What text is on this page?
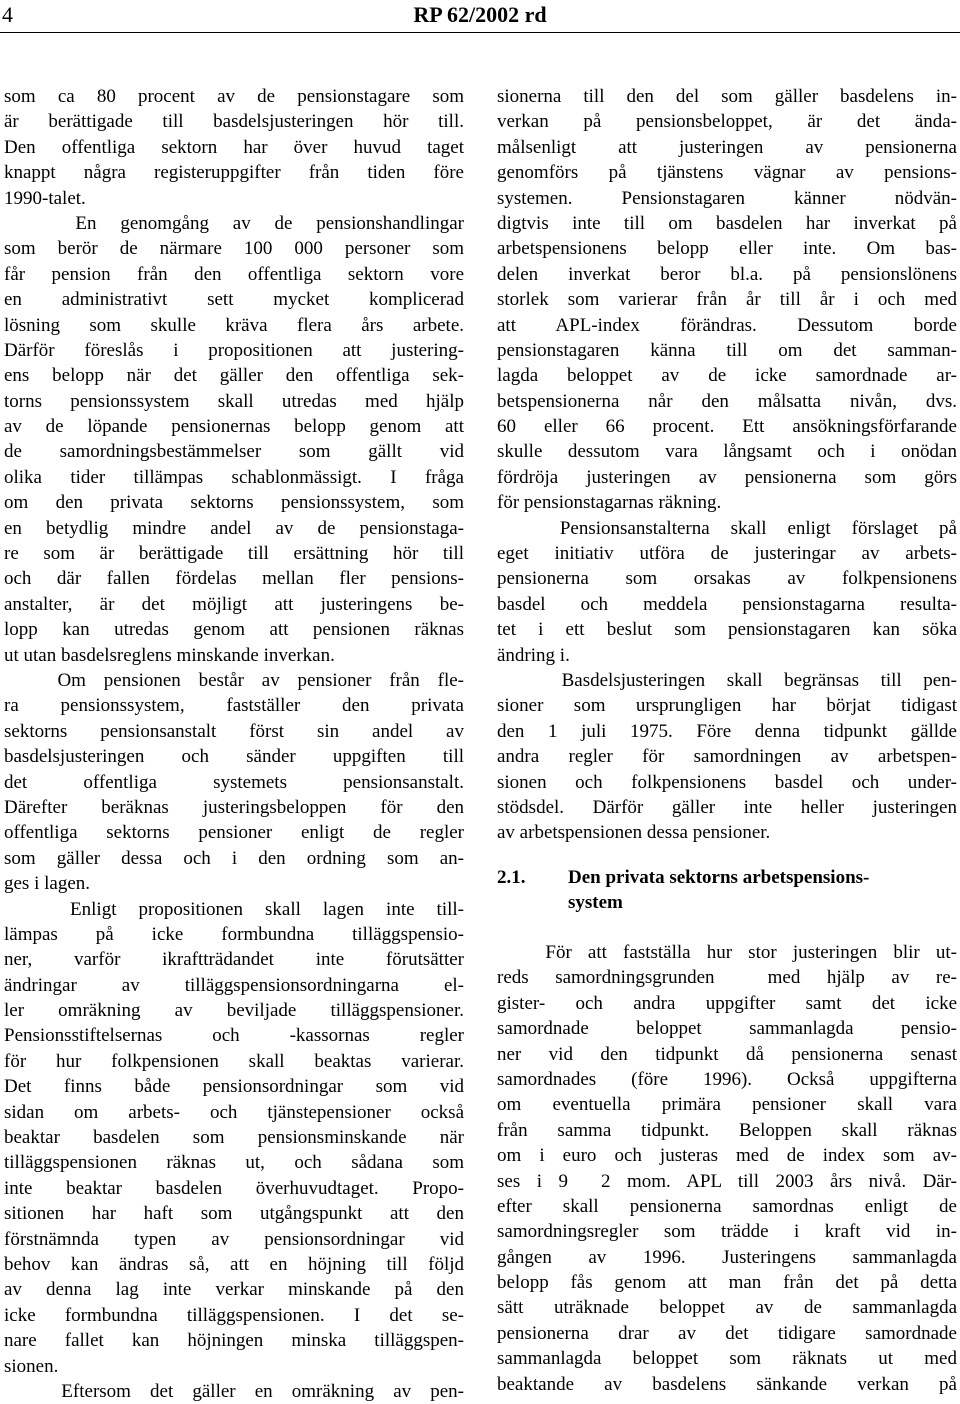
4	RP 62/2002 rd
som ca 80 procent av de pensionstagare som
är berättigade till basdelsjusteringen hör till.
Den offentliga sektorn har över huvud taget
knappt några registeruppgifter från tiden före
1990-talet.
En genomgång av de pensionshandlingar
som berör de närmare 100 000 personer som
får pension från den offentliga sektorn vore
en administrativt sett mycket komplicerad
lösning som skulle kräva flera års arbete.
Därför föreslås i propositionen att justering-
ens belopp när det gäller den offentliga sek-
torns pensionssystem skall utredas med hjälp
av de löpande pensionernas belopp genom att
de samordningsbestämmelser som gällt vid
olika tider tillämpas schablonmässigt. I fråga
om den privata sektorns pensionssystem, som
en betydlig mindre andel av de pensionstaga-
re som är berättigade till ersättning hör till
och där fallen fördelas mellan fler pensions-
anstalter, är det möjligt att justeringens be-
lopp kan utredas genom att pensionen räknas
ut utan basdelsreglens minskande inverkan.
Om pensionen består av pensioner från fle-
ra pensionssystem, fastställer den privata
sektorns pensionsanstalt först sin andel av
basdelsjusteringen och sänder uppgiften till
det offentliga systemets pensionsanstalt.
Därefter beräknas justeringsbeloppen för den
offentliga sektorns pensioner enligt de regler
som gäller dessa och i den ordning som an-
ges i lagen.
Enligt propositionen skall lagen inte till-
lämpas på icke formbundna tilläggspensio-
ner, varför ikraftträdandet inte förutsätter
ändringar av tilläggspensionsordningarna el-
ler omräkning av beviljade tilläggspensioner.
Pensionsstiftelsernas och -kassornas regler
för hur folkpensionen skall beaktas varierar.
Det finns både pensionsordningar som vid
sidan om arbets- och tjänstepensioner också
beaktar basdelen som pensionsminskande när
tilläggspensionen räknas ut, och sådana som
inte beaktar basdelen överhuvudtaget. Propo-
sitionen har haft som utgångspunkt att den
förstnämnda typen av pensionsordningar vid
behov kan ändras så, att en höjning till följd
av denna lag inte verkar minskande på den
icke formbundna tilläggspensionen. I det se-
nare fallet kan höjningen minska tilläggspen-
sionen.
Eftersom det gäller en omräkning av pen-
sionerna till den del som gäller basdelens in-
verkan på pensionsbeloppet, är det ända-
målsenligt att justeringen av pensionerna
genomförs på tjänstens vägnar av pensions-
systemen. Pensionstagaren känner nödvän-
digtvis inte till om basdelen har inverkat på
arbetspensionens belopp eller inte. Om bas-
delen inverkat beror bl.a. på pensionslönens
storlek som varierar från år till år i och med
att APL-index förändras. Dessutom borde
pensionstagaren känna till om det samman-
lagda beloppet av de icke samordnade ar-
betspensionerna når den målsatta nivån, dvs.
60 eller 66 procent. Ett ansökningsförfarande
skulle dessutom vara långsamt och i onödan
fördröja justeringen av pensionerna som görs
för pensionstagarnas räkning.
Pensionsanstalterna skall enligt förslaget på
eget initiativ utföra de justeringar av arbets-
pensionerna som orsakas av folkpensionens
basdel och meddela pensionstagarna resulta-
tet i ett beslut som pensionstagaren kan söka
ändring i.
Basdelsjusteringen skall begränsas till pen-
sioner som ursprungligen har börjat tidigast
den 1 juli 1975. Före denna tidpunkt gällde
andra regler för samordningen av arbetspen-
sionen och folkpensionens basdel och under-
stödsdel. Därför gäller inte heller justeringen
av arbetspensionen dessa pensioner.
2.1. Den privata sektorns arbetspensions-
system
För att fastställa hur stor justeringen blir ut-
reds samordningsgrunden  med hjälp av re-
gister- och andra uppgifter samt det icke
samordnade beloppet sammanlagda pensio-
ner vid den tidpunkt då pensionerna senast
samordnades (före 1996). Också uppgifterna
om eventuella primära pensioner skall vara
från samma tidpunkt. Beloppen skall räknas
om i euro och justeras med de index som av-
ses i 9  2 mom. APL till 2003 års nivå. Där-
efter skall pensionerna samordnas enligt de
samordningsregler som trädde i kraft vid in-
gången av 1996. Justeringens sammanlagda
belopp fås genom att man från det på detta
sätt uträknade beloppet av de sammanlagda
pensionerna drar av det tidigare samordnade
sammanlagda beloppet som räknats ut med
beaktande av basdelens sänkande verkan på
